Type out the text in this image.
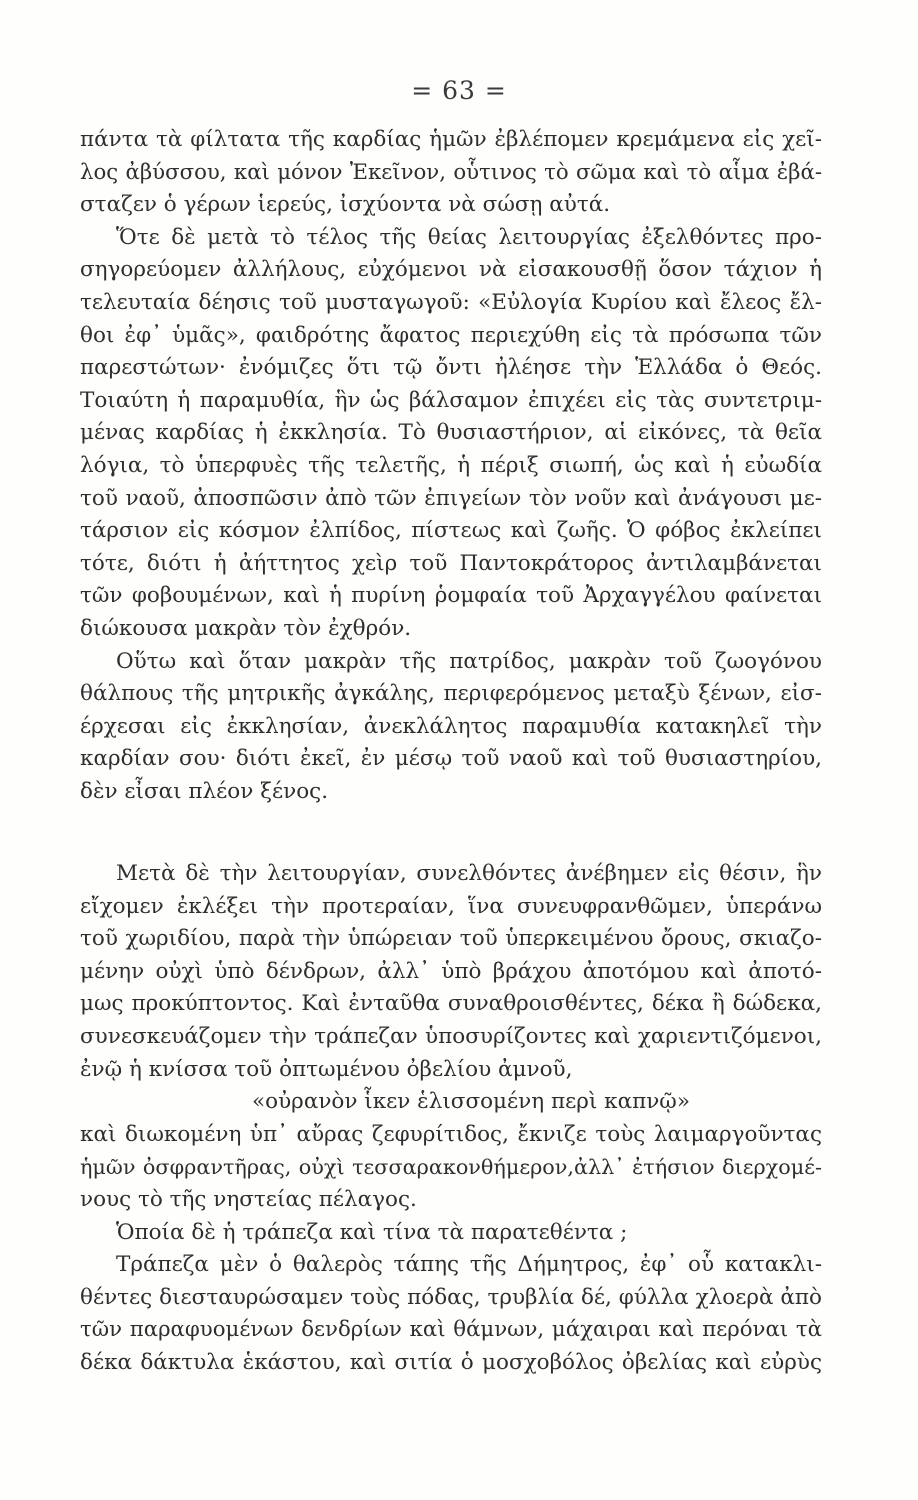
= 63 =
πάντα τὰ φίλτατα τῆς καρδίας ἡμῶν ἐβλέπομεν κρεμάμενα εἰς χεῖ-
λος ἀβύσσου, καὶ μόνον Ἐκεῖνον, οὗτινος τὸ σῶμα καὶ τὸ αἷμα ἐβά-
σταζεν ὁ γέρων ἱερεύς, ἰσχύοντα νὰ σώσῃ αὐτά.
Ὅτε δὲ μετὰ τὸ τέλος τῆς θείας λειτουργίας ἐξελθόντες προ-
σηγορεύομεν ἀλλήλους, εὐχόμενοι νὰ εἰσακουσθῇ ὅσον τάχιον ἡ
τελευταία δέησις τοῦ μυσταγωγοῦ: «Εὐλογία Κυρίου καὶ ἔλεος ἔλ-
θοι ἐφ᾽ ὑμᾶς», φαιδρότης ἄφατος περιεχύθη εἰς τὰ πρόσωπα τῶν
παρεστώτων· ἐνόμιζες ὅτι τῷ ὄντι ἠλέησε τὴν Ἑλλάδα ὁ Θεός.
Τοιαύτη ἡ παραμυθία, ἣν ὡς βάλσαμον ἐπιχέει εἰς τὰς συντετριμ-
μένας καρδίας ἡ ἐκκλησία. Τὸ θυσιαστήριον, αἱ εἰκόνες, τὰ θεῖα
λόγια, τὸ ὑπερφυὲς τῆς τελετῆς, ἡ πέριξ σιωπή, ὡς καὶ ἡ εὐωδία
τοῦ ναοῦ, ἀποσπῶσιν ἀπὸ τῶν ἐπιγείων τὸν νοῦν καὶ ἀνάγουσι με-
τάρσιον εἰς κόσμον ἐλπίδος, πίστεως καὶ ζωῆς. Ὁ φόβος ἐκλείπει
τότε, διότι ἡ ἀήττητος χεὶρ τοῦ Παντοκράτορος ἀντιλαμβάνεται
τῶν φοβουμένων, καὶ ἡ πυρίνη ῥομφαία τοῦ Ἀρχαγγέλου φαίνεται
διώκουσα μακρὰν τὸν ἐχθρόν.
Οὕτω καὶ ὅταν μακρὰν τῆς πατρίδος, μακρὰν τοῦ ζωογόνου
θάλπους τῆς μητρικῆς ἀγκάλης, περιφερόμενος μεταξὺ ξένων, εἰσ-
έρχεσαι εἰς ἐκκλησίαν, ἀνεκλάλητος παραμυθία κατακηλεῖ τὴν
καρδίαν σου· διότι ἐκεῖ, ἐν μέσῳ τοῦ ναοῦ καὶ τοῦ θυσιαστηρίου,
δὲν εἶσαι πλέον ξένος.
Μετὰ δὲ τὴν λειτουργίαν, συνελθόντες ἀνέβημεν εἰς θέσιν, ἣν
εἴχομεν ἐκλέξει τὴν προτεραίαν, ἵνα συνευφρανθῶμεν, ὑπεράνω
τοῦ χωριδίου, παρὰ τὴν ὑπώρειαν τοῦ ὑπερκειμένου ὄρους, σκιαζο-
μένην οὐχὶ ὑπὸ δένδρων, ἀλλ᾽ ὑπὸ βράχου ἀποτόμου καὶ ἀποτό-
μως προκύπτοντος. Καὶ ἐνταῦθα συναθροισθέντες, δέκα ἢ δώδεκα,
συνεσκευάζομεν τὴν τράπεζαν ὑποσυρίζοντες καὶ χαριεντιζόμενοι,
ἐνῷ ἡ κνίσσα τοῦ ὀπτωμένου ὀβελίου ἀμνοῦ,
«οὐρανὸν ἷκεν ἑλισσομένη περὶ καπνῷ»
καὶ διωκομένη ὑπ᾽ αὔρας ζεφυρίτιδος, ἔκνιζε τοὺς λαιμαργοῦντας
ἡμῶν ὀσφραντῆρας, οὐχὶ τεσσαρακονθήμερον,ἀλλ᾽ ἐτήσιον διερχομέ-
νους τὸ τῆς νηστείας πέλαγος.
Ὁποία δὲ ἡ τράπεζα καὶ τίνα τὰ παρατεθέντα ;
Τράπεζα μὲν ὁ θαλερὸς τάπης τῆς Δήμητρος, ἐφ᾽ οὗ κατακλι-
θέντες διεσταυρώσαμεν τοὺς πόδας, τρυβλία δέ, φύλλα χλοερὰ ἀπὸ
τῶν παραφυομένων δενδρίων καὶ θάμνων, μάχαιραι καὶ περόναι τὰ
δέκα δάκτυλα ἑκάστου, καὶ σιτία ὁ μοσχοβόλος ὀβελίας καὶ εὐρὺς
